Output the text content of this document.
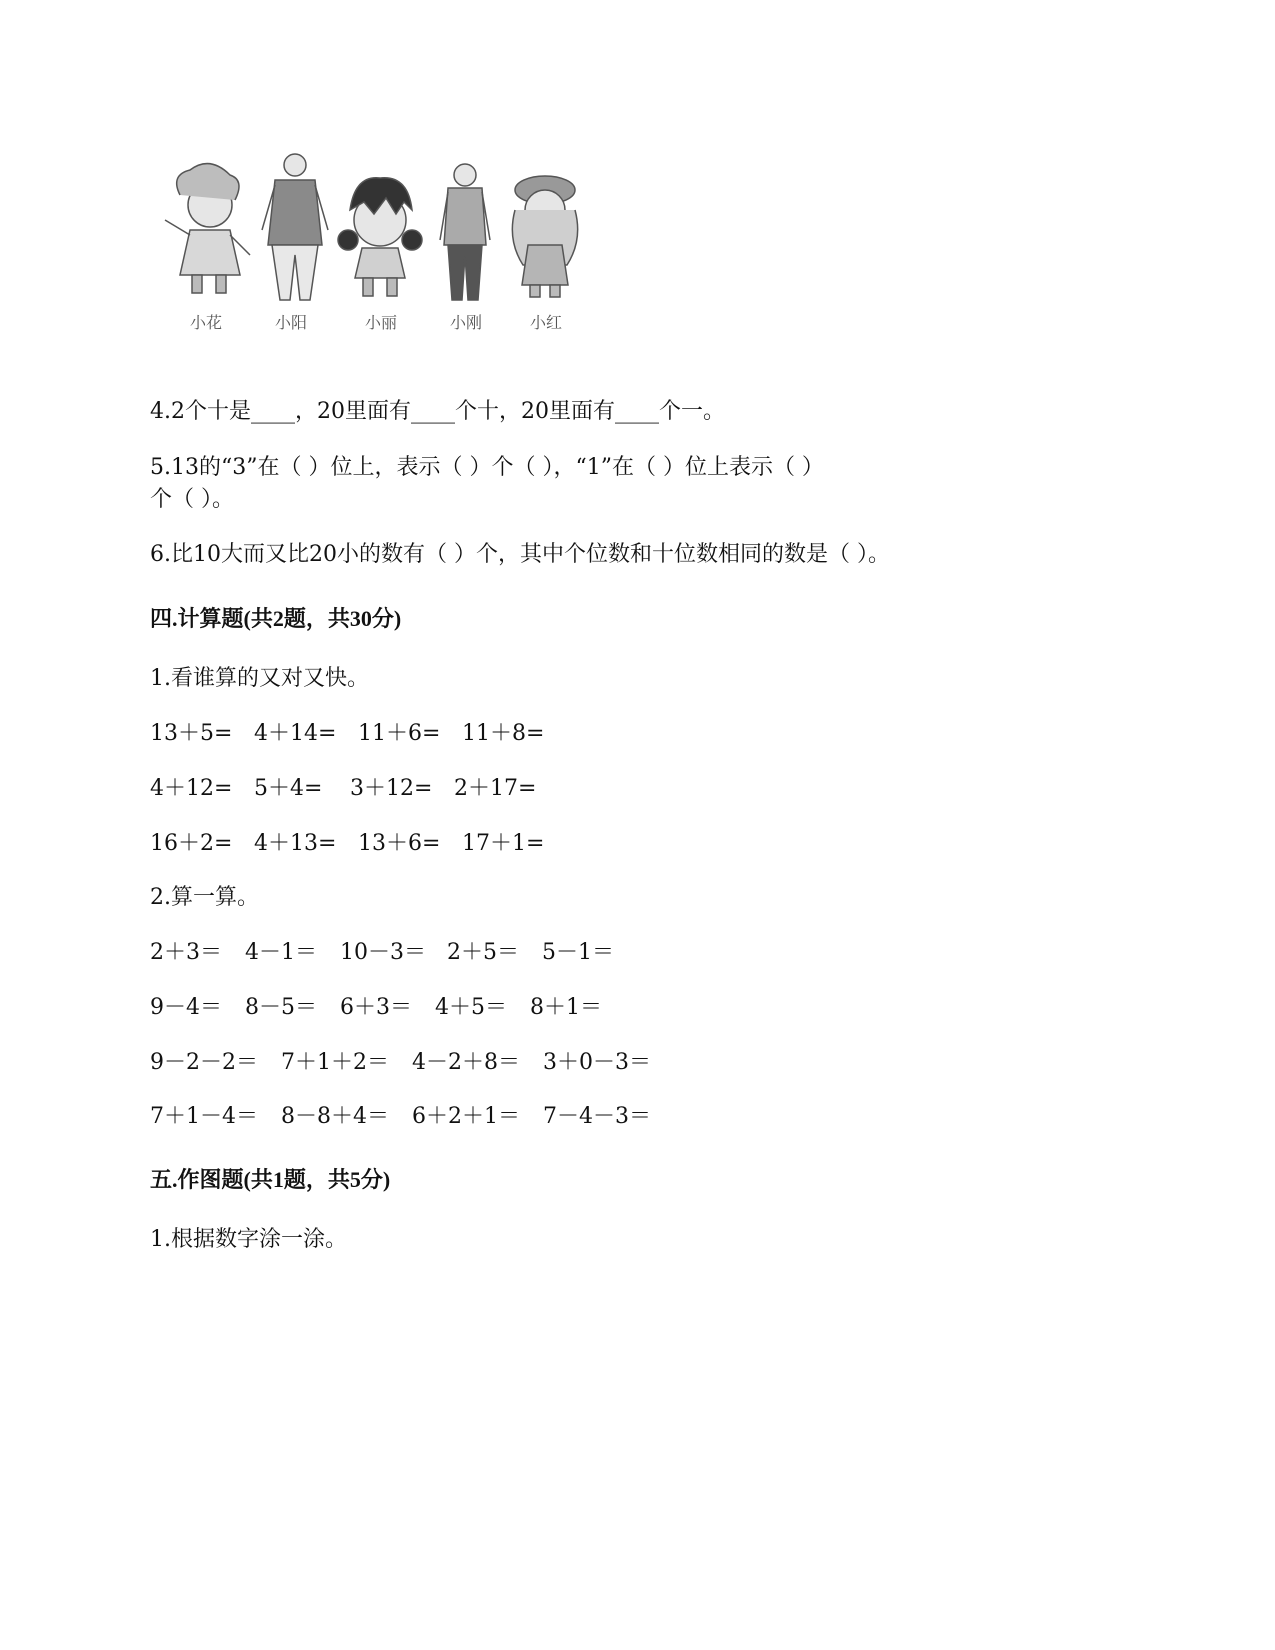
小花	小阳	小丽	小刚	小红
4.2个十是____，20里面有____个十，20里面有____个一。
5.13的“3”在（ ）位上，表示（ ）个（ ），“1”在（ ）位上表示（ ）
个（ ）。
6.比10大而又比20小的数有（ ）个，其中个位数和十位数相同的数是（ ）。
四.计算题(共2题，共30分)
1.看谁算的又对又快。
13＋5= 4＋14= 11＋6= 11＋8=
4＋12= 5＋4= 3＋12= 2＋17=
16＋2= 4＋13= 13＋6= 17＋1=
2.算一算。
2＋3＝ 4－1＝ 10－3＝ 2＋5＝ 5－1＝
9－4＝ 8－5＝ 6＋3＝ 4＋5＝ 8＋1＝
9－2－2＝ 7＋1＋2＝ 4－2＋8＝ 3＋0－3＝
7＋1－4＝ 8－8＋4＝ 6＋2＋1＝ 7－4－3＝
五.作图题(共1题，共5分)
1.根据数字涂一涂。
